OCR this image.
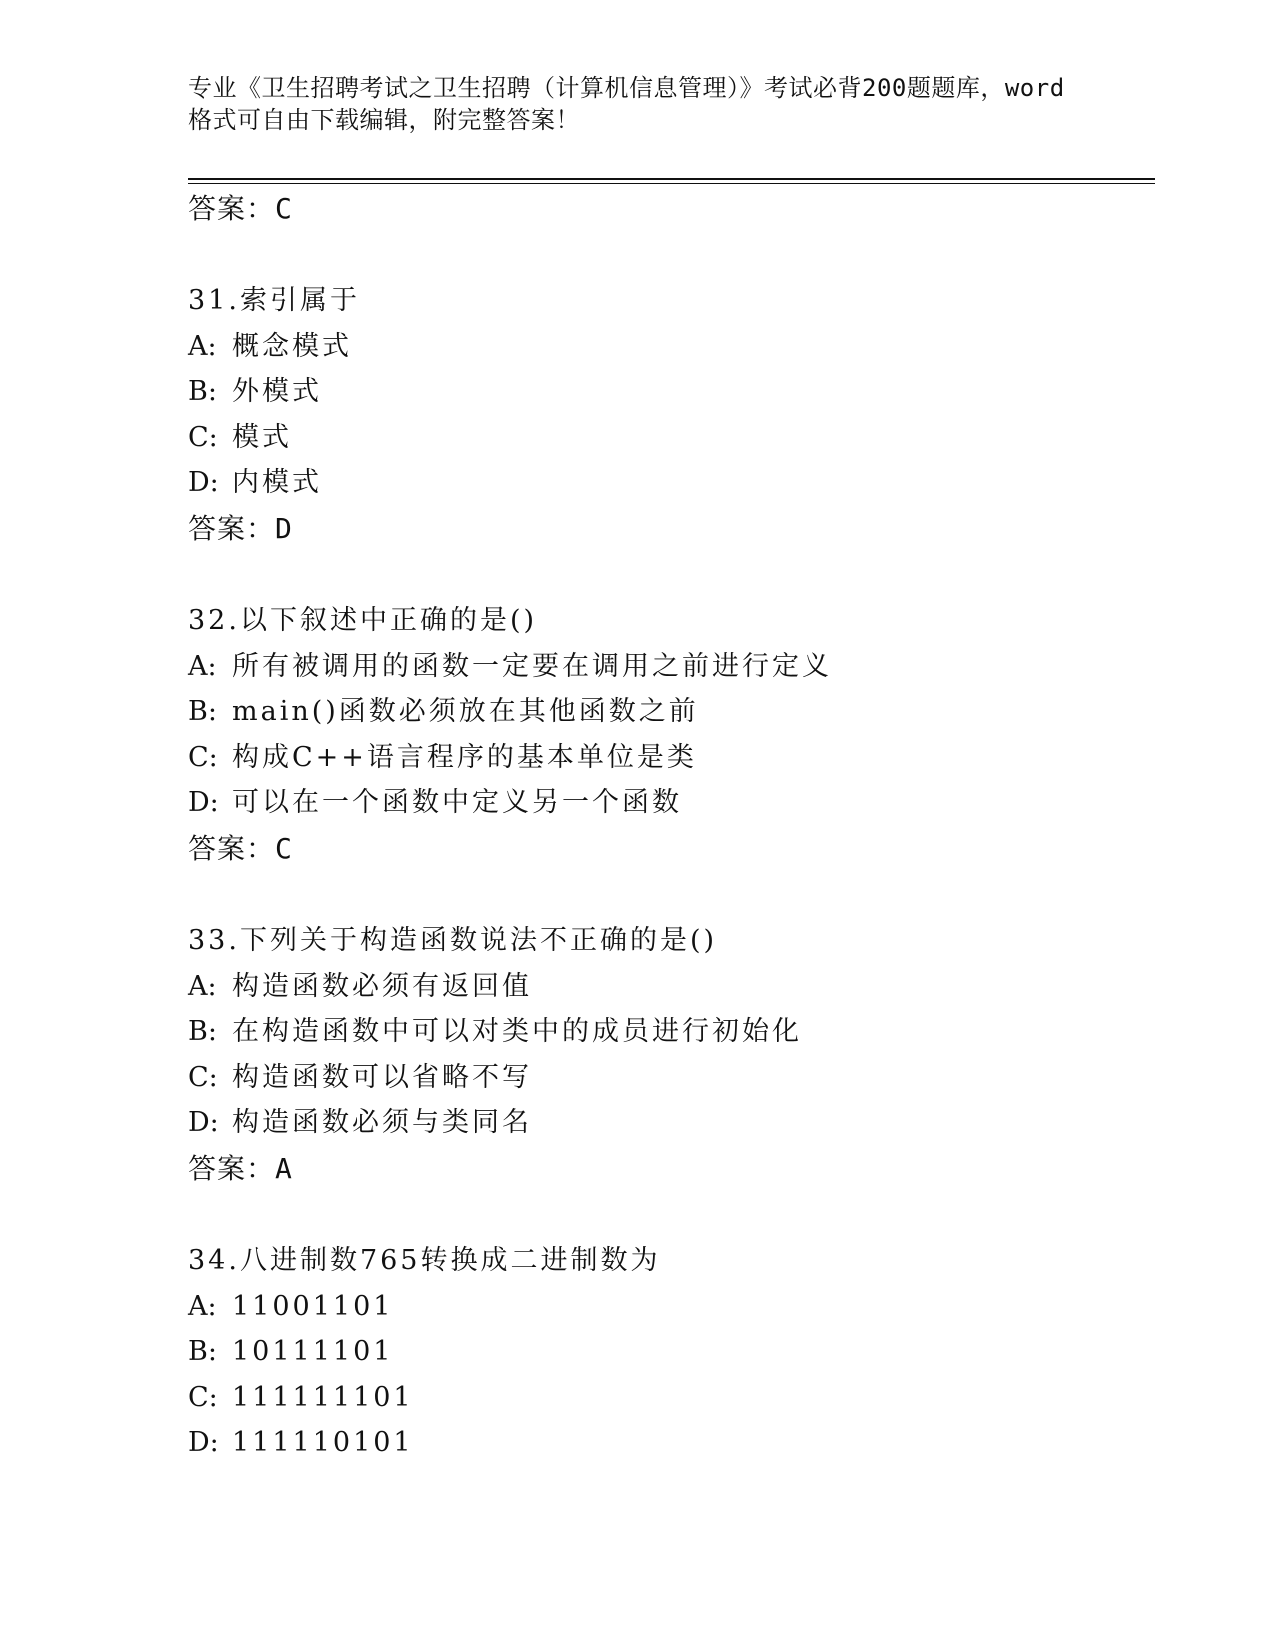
专业《卫生招聘考试之卫生招聘（计算机信息管理）》考试必背200题题库，word
格式可自由下载编辑，附完整答案！
答案：C
31.索引属于
A: 概念模式
B: 外模式
C: 模式
D: 内模式
答案：D
32.以下叙述中正确的是()
A: 所有被调用的函数一定要在调用之前进行定义
B: main()函数必须放在其他函数之前
C: 构成C++语言程序的基本单位是类
D: 可以在一个函数中定义另一个函数
答案：C
33.下列关于构造函数说法不正确的是()
A: 构造函数必须有返回值
B: 在构造函数中可以对类中的成员进行初始化
C: 构造函数可以省略不写
D: 构造函数必须与类同名
答案：A
34.八进制数765转换成二进制数为
A: 11001101
B: 10111101
C: 111111101
D: 111110101
